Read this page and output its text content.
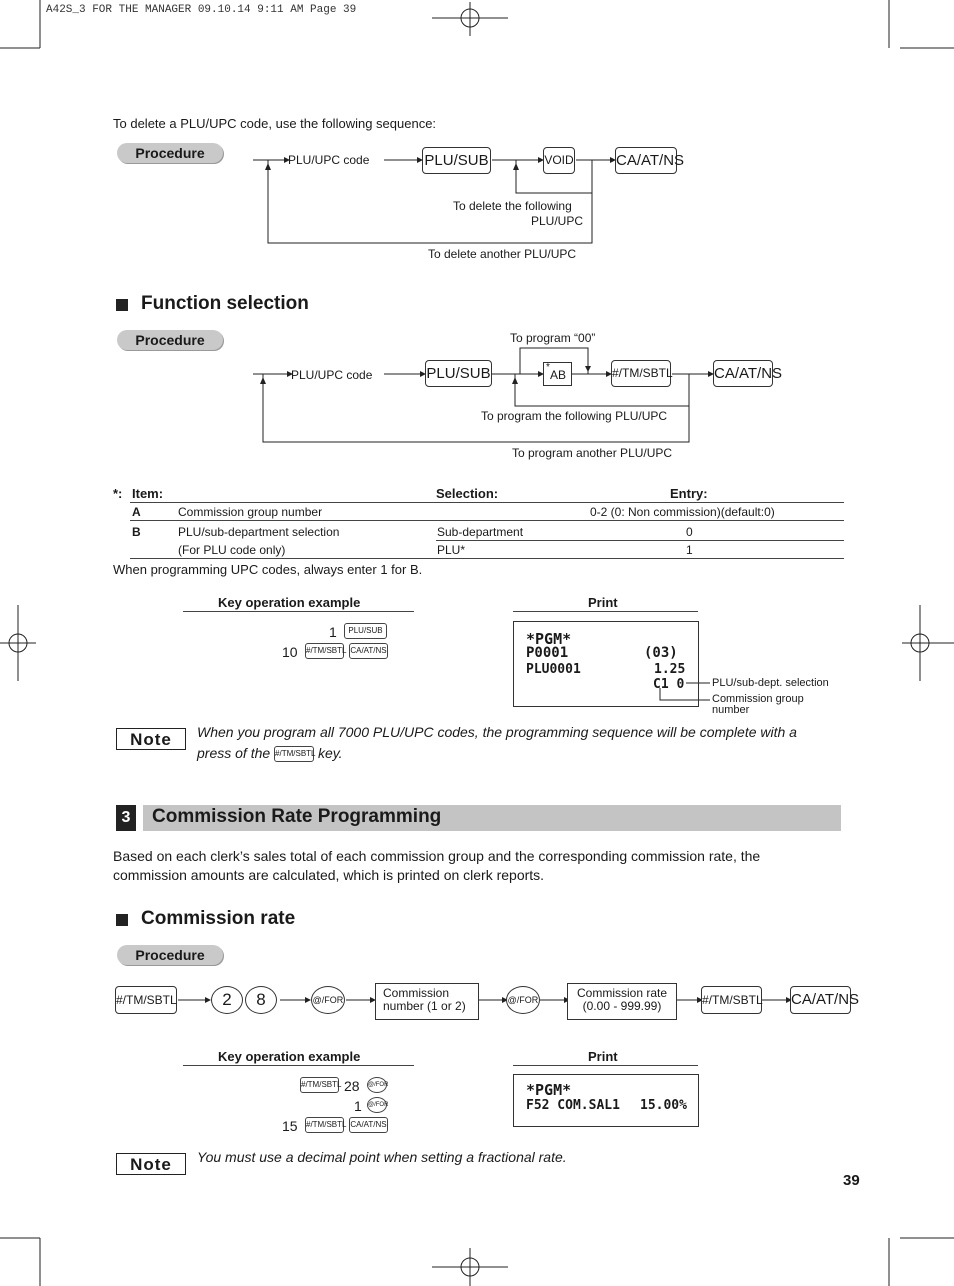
A42S_3 FOR THE MANAGER 09.10.14 9:11 AM Page 39
To delete a PLU/UPC code, use the following sequence:
Procedure	PLU/UPC code	PLU/SUB	VOID	CA/AT/NS
To delete the following
PLU/UPC
To delete another PLU/UPC
Function selection
Procedure	To program “00”
PLU/UPC code	PLU/SUB	*
AB	#/TM/SBTL	CA/AT/NS
To program the following PLU/UPC
To program another PLU/UPC
*: Item:	Selection:	Entry:
A	Commission group number	0-2 (0: Non commission)(default:0)
B	PLU/sub-department selection	Sub-department	0
(For PLU code only)	PLU*	1
When programming UPC codes, always enter 1 for B.
Key operation example	Print
1	PLU/SUB
10 #/TM/SBTL CA/AT/NS
*PGM*
P0001	(03)
PLU0001	1.25
C1 0	PLU/sub-dept. selection
Commission group
number
Note	When you program all 7000 PLU/UPC codes, the programming sequence will be complete with a
press of the #/TM/SBTL key.
3 Commission Rate Programming
Based on each clerk’s sales total of each commission group and the corresponding commission rate, the
commission amounts are calculated, which is printed on clerk reports.
Commission rate
Procedure
#/TM/SBTL	2	8	@/FOR	Commission
number (1 or 2)	@/FOR	Commission rate
(0.00 - 999.99)	#/TM/SBTL CA/AT/NS
Key operation example	Print
#/TM/SBTL 28 @/FOR
1 @/FOR
15 #/TM/SBTL CA/AT/NS
*PGM*
F52 COM.SAL1 15.00%
Note	You must use a decimal point when setting a fractional rate.
39
